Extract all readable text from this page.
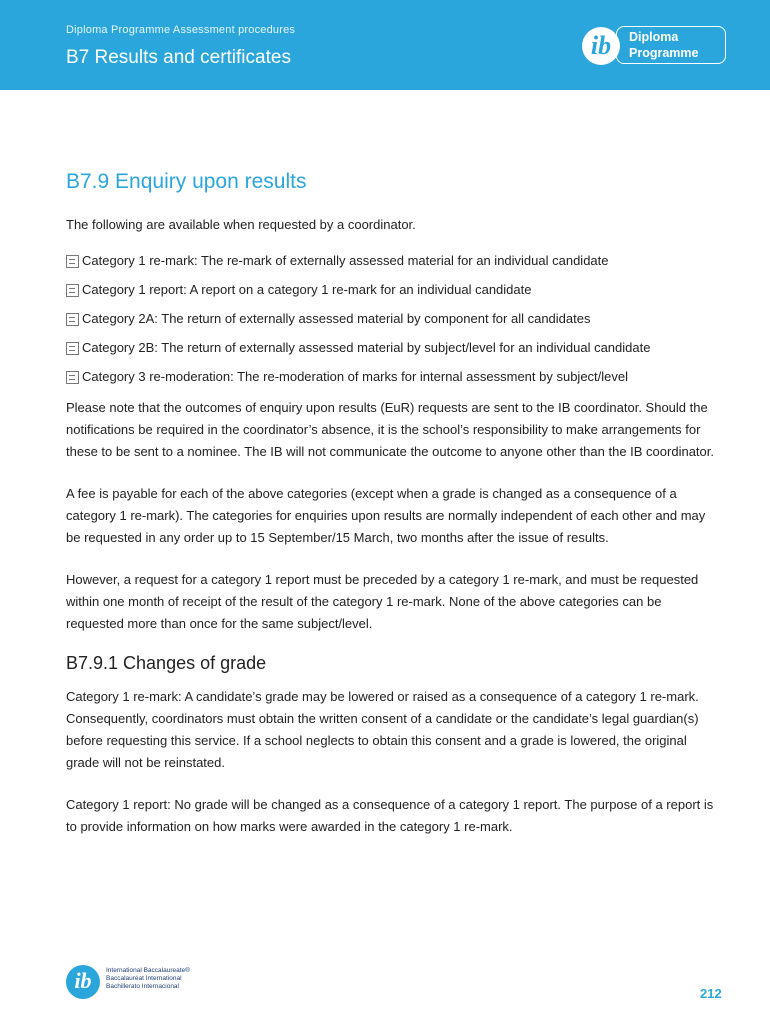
Diploma Programme Assessment procedures
B7 Results and certificates	ib	Diploma
Programme
B7.9 Enquiry upon results

The following are available when requested by a coordinator.

Category 1 re-mark: The re-mark of externally assessed material for an individual candidate
Category 1 report: A report on a category 1 re-mark for an individual candidate
Category 2A: The return of externally assessed material by component for all candidates
Category 2B: The return of externally assessed material by subject/level for an individual candidate
Category 3 re-moderation: The re-moderation of marks for internal assessment by subject/level

Please note that the outcomes of enquiry upon results (EuR) requests are sent to the IB coordinator. Should the notifications be required in the coordinator’s absence, it is the school’s responsibility to make arrangements for these to be sent to a nominee. The IB will not communicate the outcome to anyone other than the IB coordinator.

A fee is payable for each of the above categories (except when a grade is changed as a consequence of a category 1 re-mark). The categories for enquiries upon results are normally independent of each other and may be requested in any order up to 15 September/15 March, two months after the issue of results.

However, a request for a category 1 report must be preceded by a category 1 re-mark, and must be requested within one month of receipt of the result of the category 1 re-mark. None of the above categories can be requested more than once for the same subject/level.

B7.9.1 Changes of grade

Category 1 re-mark: A candidate’s grade may be lowered or raised as a consequence of a category 1 re-mark. Consequently, coordinators must obtain the written consent of a candidate or the candidate’s legal guardian(s) before requesting this service. If a school neglects to obtain this consent and a grade is lowered, the original grade will not be reinstated.

Category 1 report: No grade will be changed as a consequence of a category 1 report. The purpose of a report is to provide information on how marks were awarded in the category 1 re-mark.

ib	International Baccalaureate®
Baccalauréat International
Bachillerato Internacional	212
